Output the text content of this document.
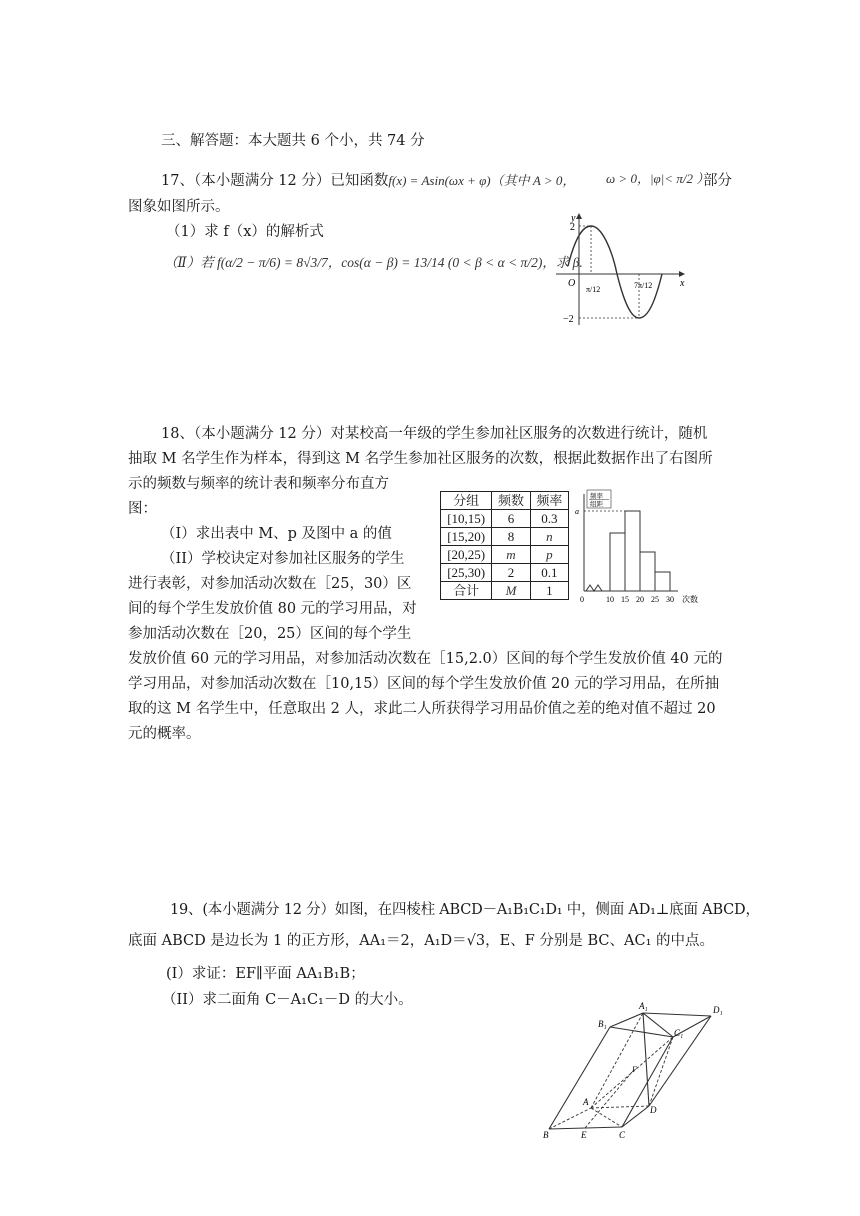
三、解答题：本大题共 6 个小，共 74 分
17、（本小题满分 12 分）已知函数f(x) = Asin(ωx + φ)（其中 A > 0， ω > 0，|φ|< π/2 ）
部分
图象如图所示。
（1）求 f（x）的解析式
（Ⅱ）若 f(α/2 − π/6) = 8√3/7，cos(α − β) = 13/14 (0 < β < α < π/2)，求 β.
y
x
O
2
−2
π/12	7π/12
18、（本小题满分 12 分）对某校高一年级的学生参加社区服务的次数进行统计，随机
抽取 M 名学生作为样本，得到这 M 名学生参加社区服务的次数，根据此数据作出了右图所
示的频数与频率的统计表和频率分布直方
图：
（I）求出表中 M、p 及图中 a 的值
（II）学校诀定对参加社区服务的学生
进行表彰，对参加活动次数在［25，30）区
间的每个学生发放价值 80 元的学习用品，对
参加活动次数在［20，25）区间的每个学生
发放价值 60 元的学习用品，对参加活动次数在［15,2.0）区间的每个学生发放价值 40 元的
学习用品，对参加活动次数在［10,15）区间的每个学生发放价值 20 元的学习用品，在所抽
取的这 M 名学生中，任意取出 2 人，求此二人所获得学习用品价值之差的绝对值不超过 20
元的概率。
分组	频数	频率
[10,15)	6	0.3
[15,20)	8	n
[20,25)	m	p
[25,30)	2	0.1
合计	M	1
频率
组距
a
0	10 15 20 25 30 次数
19、(本小题满分 12 分）如图，在四棱柱 ABCD－A₁B₁C₁D₁ 中，侧面 AD₁⊥底面 ABCD，
底面 ABCD 是边长为 1 的正方形，AA₁＝2，A₁D＝√3，E、F 分别是 BC、AC₁ 的中点。
(I）求证：EF∥平面 AA₁B₁B；
（II）求二面角 C－A₁C₁－D 的大小。	A₁	D₁
B₁
C₁
F
A
D
B	E	C
